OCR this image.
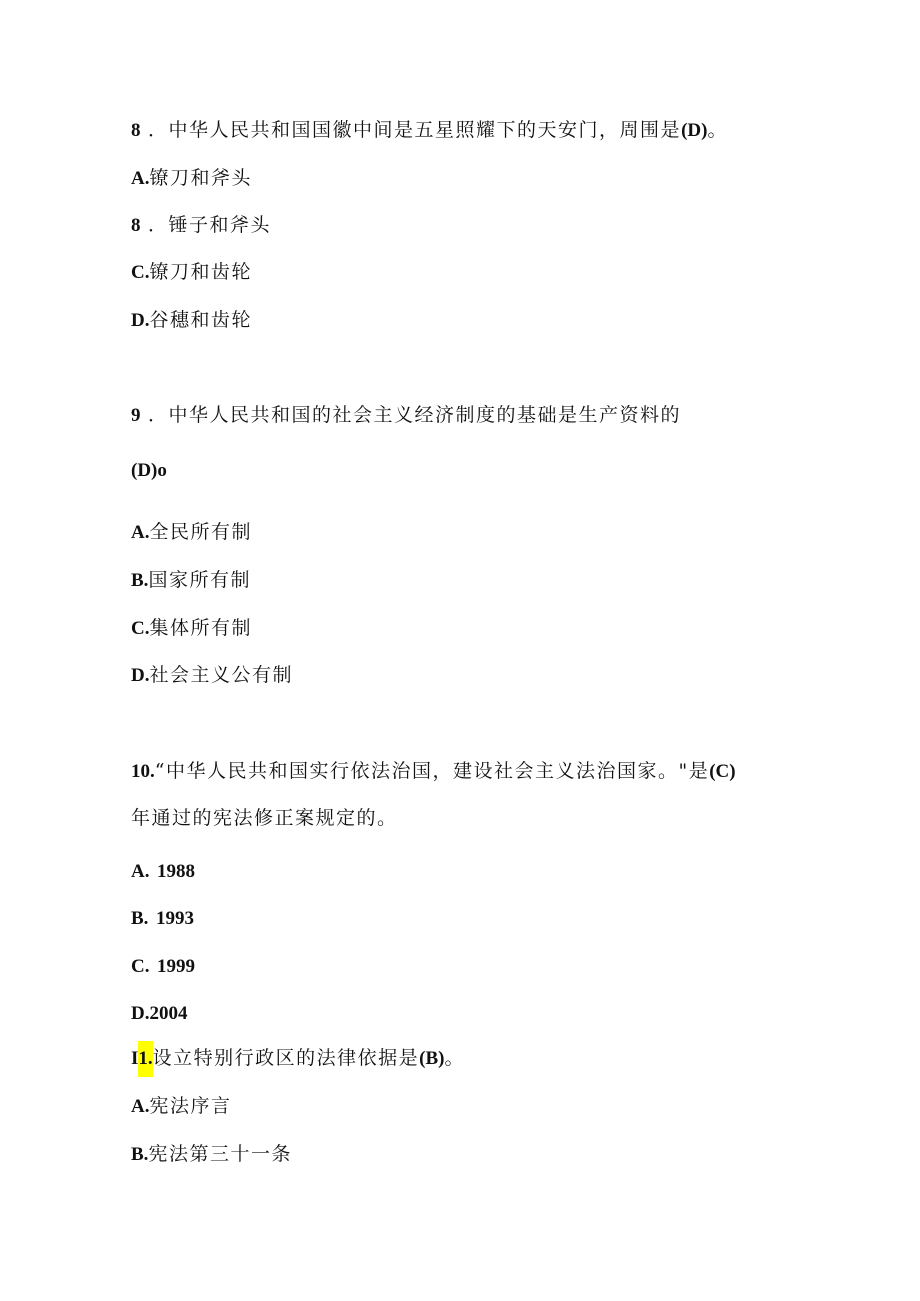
8 ．中华人民共和国国徽中间是五星照耀下的天安门，周围是(D)。
A.镣刀和斧头
8 ．锤子和斧头
C.镣刀和齿轮
D.谷穗和齿轮
9 ．中华人民共和国的社会主义经济制度的基础是生产资料的
(D)o
A.全民所有制
B.国家所有制
C.集体所有制
D.社会主义公有制
10.“中华人民共和国实行依法治国，建设社会主义法治国家。"是(C)
年通过的宪法修正案规定的。
A. 1988
B. 1993
C. 1999
D.2004
I1.设立特别行政区的法律依据是(B)。
A.宪法序言
B.宪法第三十一条
